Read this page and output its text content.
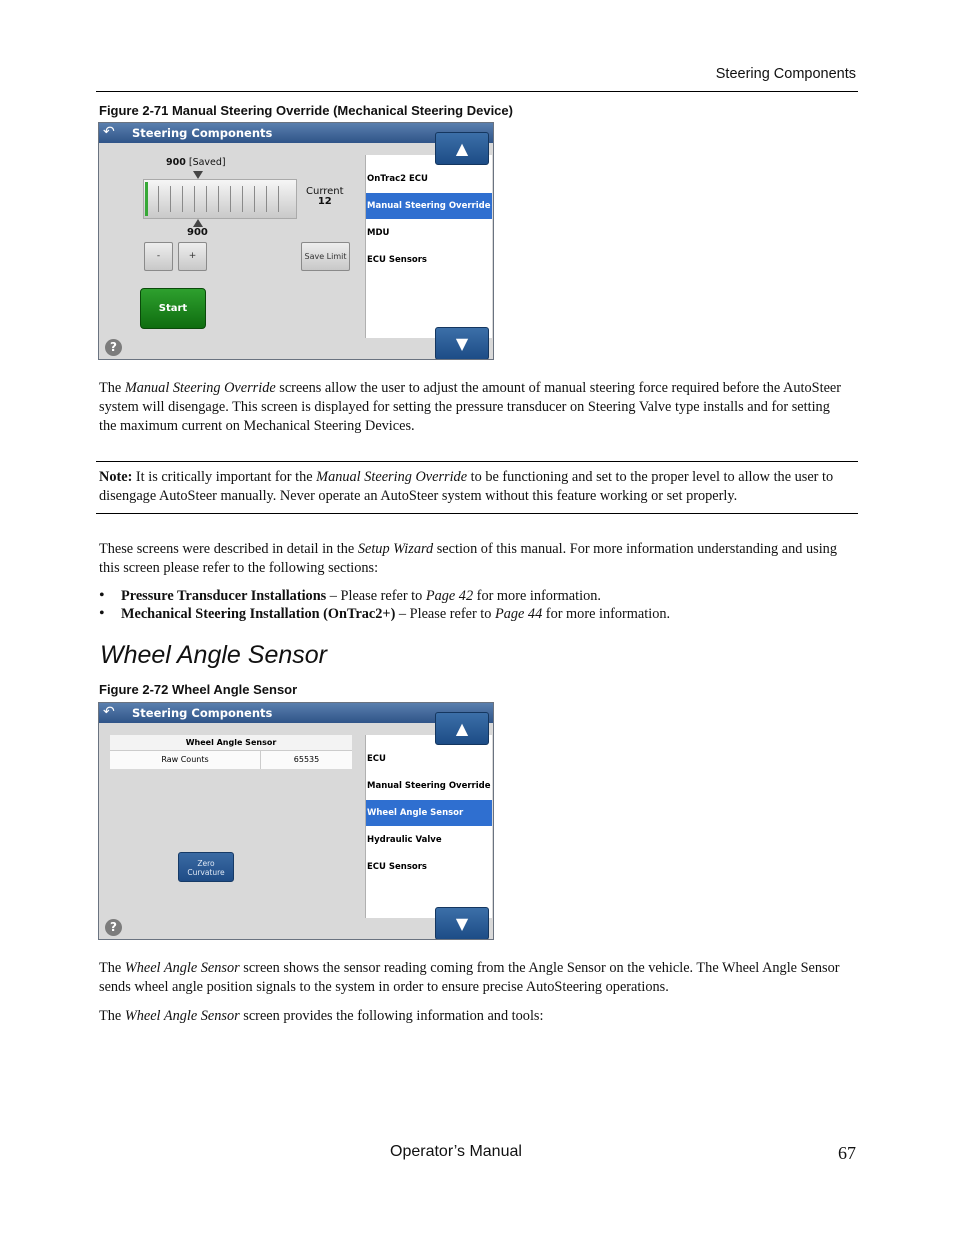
Steering Components
Figure 2-71 Manual Steering Override (Mechanical Steering Device)
↶ Steering Components
900 [Saved]
900
Current
12
-	+	Save Limit
Start
?
OnTrac2 ECU
Manual Steering Override
MDU
ECU Sensors
▲
▼
The Manual Steering Override screens allow the user to adjust the amount of manual steering force required before the AutoSteer system will disengage. This screen is displayed for setting the pressure transducer on Steering Valve type installs and for setting the maximum current on Mechanical Steering Devices.
Note: It is critically important for the Manual Steering Override to be functioning and set to the proper level to allow the user to disengage AutoSteer manually. Never operate an AutoSteer system without this feature working or set properly.
These screens were described in detail in the Setup Wizard section of this manual. For more information understanding and using this screen please refer to the following sections:
• Pressure Transducer Installations – Please refer to Page 42 for more information.
• Mechanical Steering Installation (OnTrac2+) – Please refer to Page 44 for more information.
Wheel Angle Sensor
Figure 2-72 Wheel Angle Sensor
↶ Steering Components
Wheel Angle Sensor
Raw Counts	65535
Zero
Curvature
?
ECU
Manual Steering Override
Wheel Angle Sensor
Hydraulic Valve
ECU Sensors
▲
▼
The Wheel Angle Sensor screen shows the sensor reading coming from the Angle Sensor on the vehicle. The Wheel Angle Sensor sends wheel angle position signals to the system in order to ensure precise AutoSteering operations.
The Wheel Angle Sensor screen provides the following information and tools:
Operator’s Manual	67
